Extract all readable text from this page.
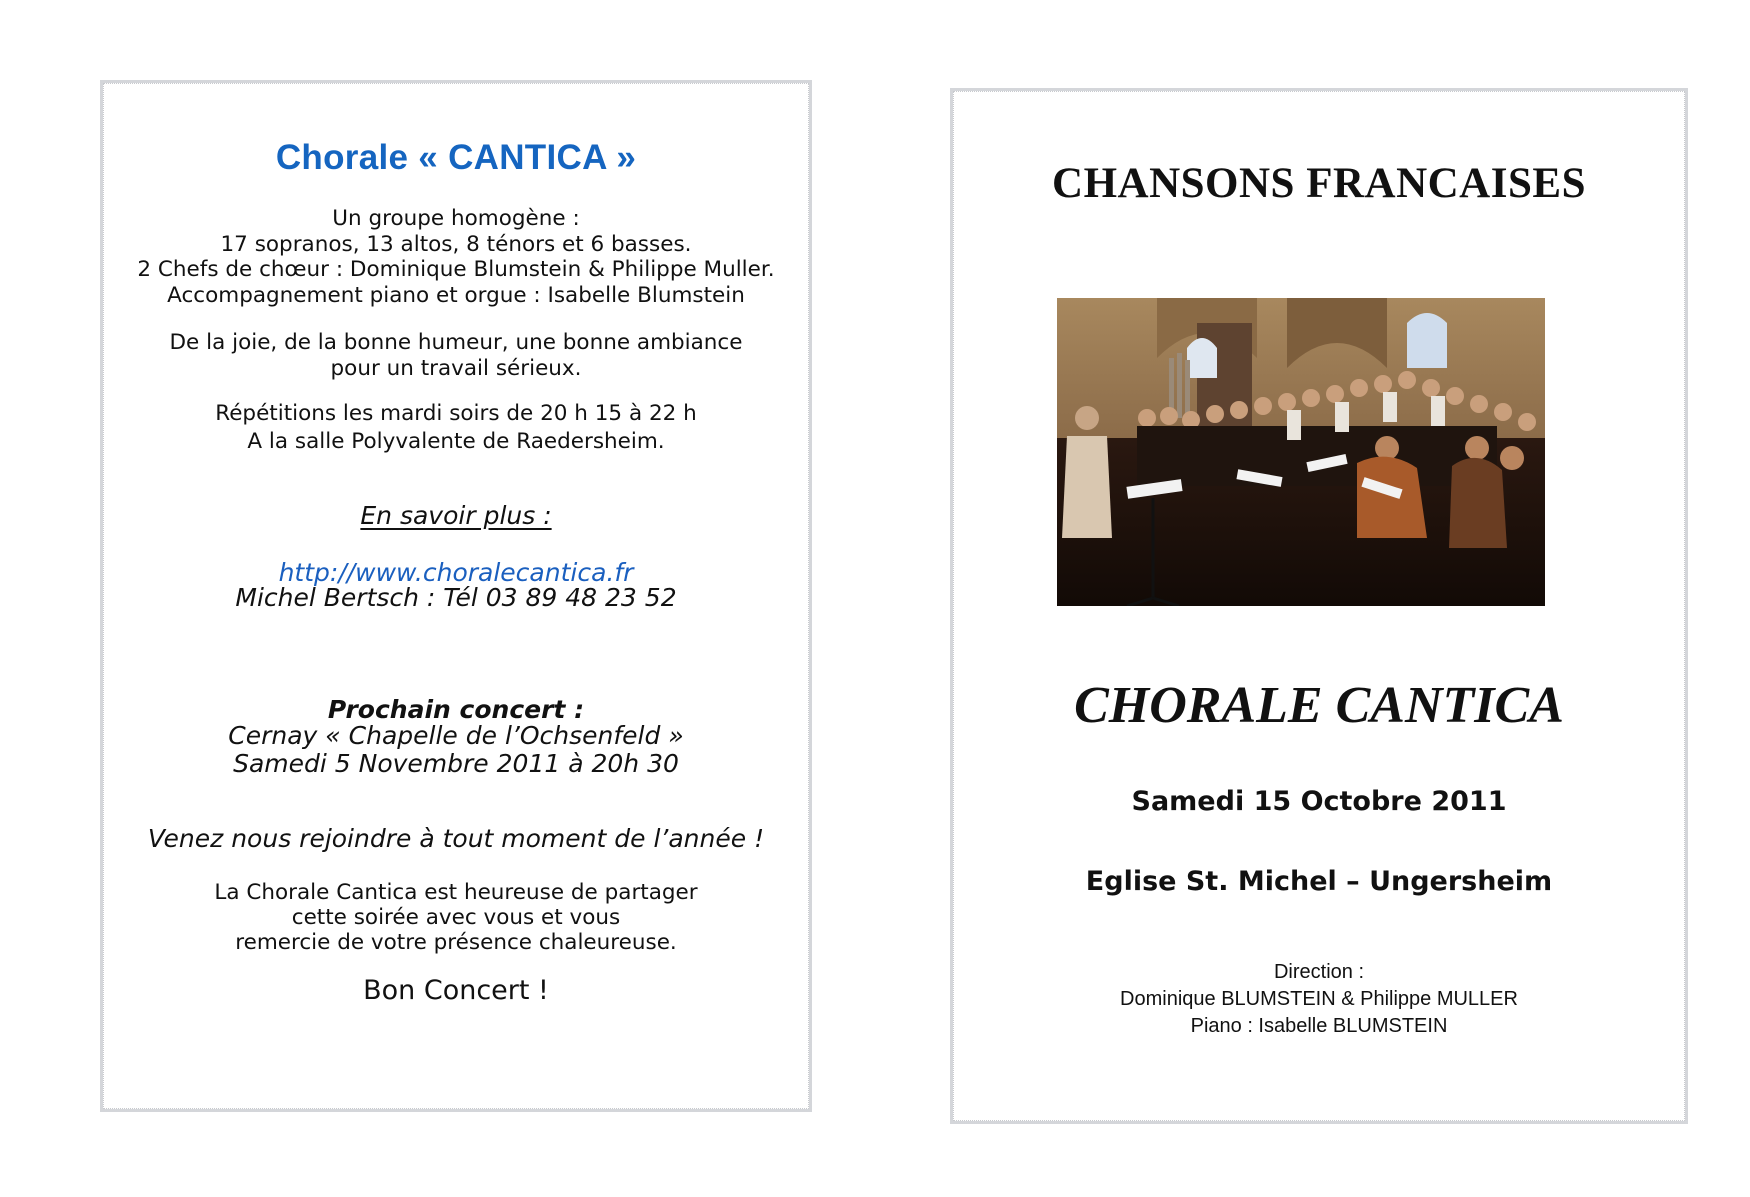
Chorale « CANTICA »
Un groupe homogène :
17 sopranos, 13 altos, 8 ténors et 6 basses.
2 Chefs de chœur : Dominique Blumstein & Philippe Muller.
Accompagnement piano et orgue : Isabelle Blumstein
De la joie, de la bonne humeur, une bonne ambiance
pour un travail sérieux.
Répétitions les mardi soirs de 20 h 15 à 22 h
A la salle Polyvalente de Raedersheim.
En savoir plus :
http://www.choralecantica.fr
Michel Bertsch : Tél 03 89 48 23 52
Prochain concert :
Cernay « Chapelle de l’Ochsenfeld »
Samedi 5 Novembre 2011 à 20h 30
Venez nous rejoindre à tout moment de l’année !
La Chorale Cantica est heureuse de partager
cette soirée avec vous et vous
remercie de votre présence chaleureuse.
Bon Concert !
CHANSONS FRANCAISES
CHORALE CANTICA
Samedi 15 Octobre 2011
Eglise St. Michel – Ungersheim
Direction :
Dominique BLUMSTEIN & Philippe MULLER
Piano : Isabelle BLUMSTEIN
